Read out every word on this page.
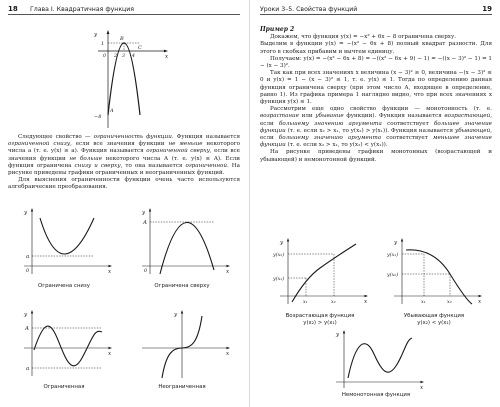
18 Глава I. Квадратичная функция
y
x
1
−8
0 2 3 4
A
B
C

Следующее свойство — ограниченность функции. Функция называется ограниченной снизу, если все значения функции не меньше некоторого числа a (т. е. y(x) ≥ a). Функция называется ограниченной сверху, если все значения функции не больше некоторого числа A (т. е. y(x) ≤ A). Если функция ограничена снизу и сверху, то она называется ограниченной. На рисунке приведены графики ограниченных и неограниченных функций.

Для выяснения ограниченности функции очень часто используются алгебраические преобразования.

a
y
x
0
Ограничена снизу
A
y
x
0
Ограничена сверху
A
a
y
x
Ограниченная
y
x
Неограниченная
Уроки 3–5. Свойства функций	19
Пример 2

Докажем, что функция y(x) = −x² + 6x − 8 ограничена сверху.

Выделим в функции y(x) = −(x² − 6x + 8) полный квадрат разности. Для этого в скобках прибавим и вычтем единицу.

Получаем: y(x) = −(x² − 6x + 8) = −((x² − 6x + 9) − 1) = −((x − 3)² − 1) = 1 − (x − 3)².

Так как при всех значениях x величина (x − 3)² ≥ 0, величина −(x − 3)² ≤ 0 и y(x) = 1 − (x − 3)² ≤ 1, т. е. y(x) ≤ 1. Тогда по определению данная функция ограничена сверху (при этом число A, входящее в определение, равно 1). Из графика примера 1 наглядно видно, что при всех значениях x функция y(x) ≤ 1.

Рассмотрим еще одно свойство функции — монотонность (т. е. возрастание или убывание функции). Функция называется возрастающей, если большему значению аргумента соответствует большее значение функции (т. е. если x₂ > x₁, то y(x₂) > y(x₁)). Функция называется убывающей, если большему значению аргумента соответствует меньшее значение функции (т. е. если x₂ > x₁, то y(x₂) < y(x₁)).

На рисунке приведены графики монотонных (возрастающей и убывающей) и немонотонной функций.

y(x₂)
y(x₁)
x₁	x₂
y
x
Возрастающая функция
y(x₂) > y(x₁)
y(x₁)
y(x₂)
x₁	x₂
y
x
Убывающая функция
y(x₂) < y(x₁)
y
x
Немонотонная функция
